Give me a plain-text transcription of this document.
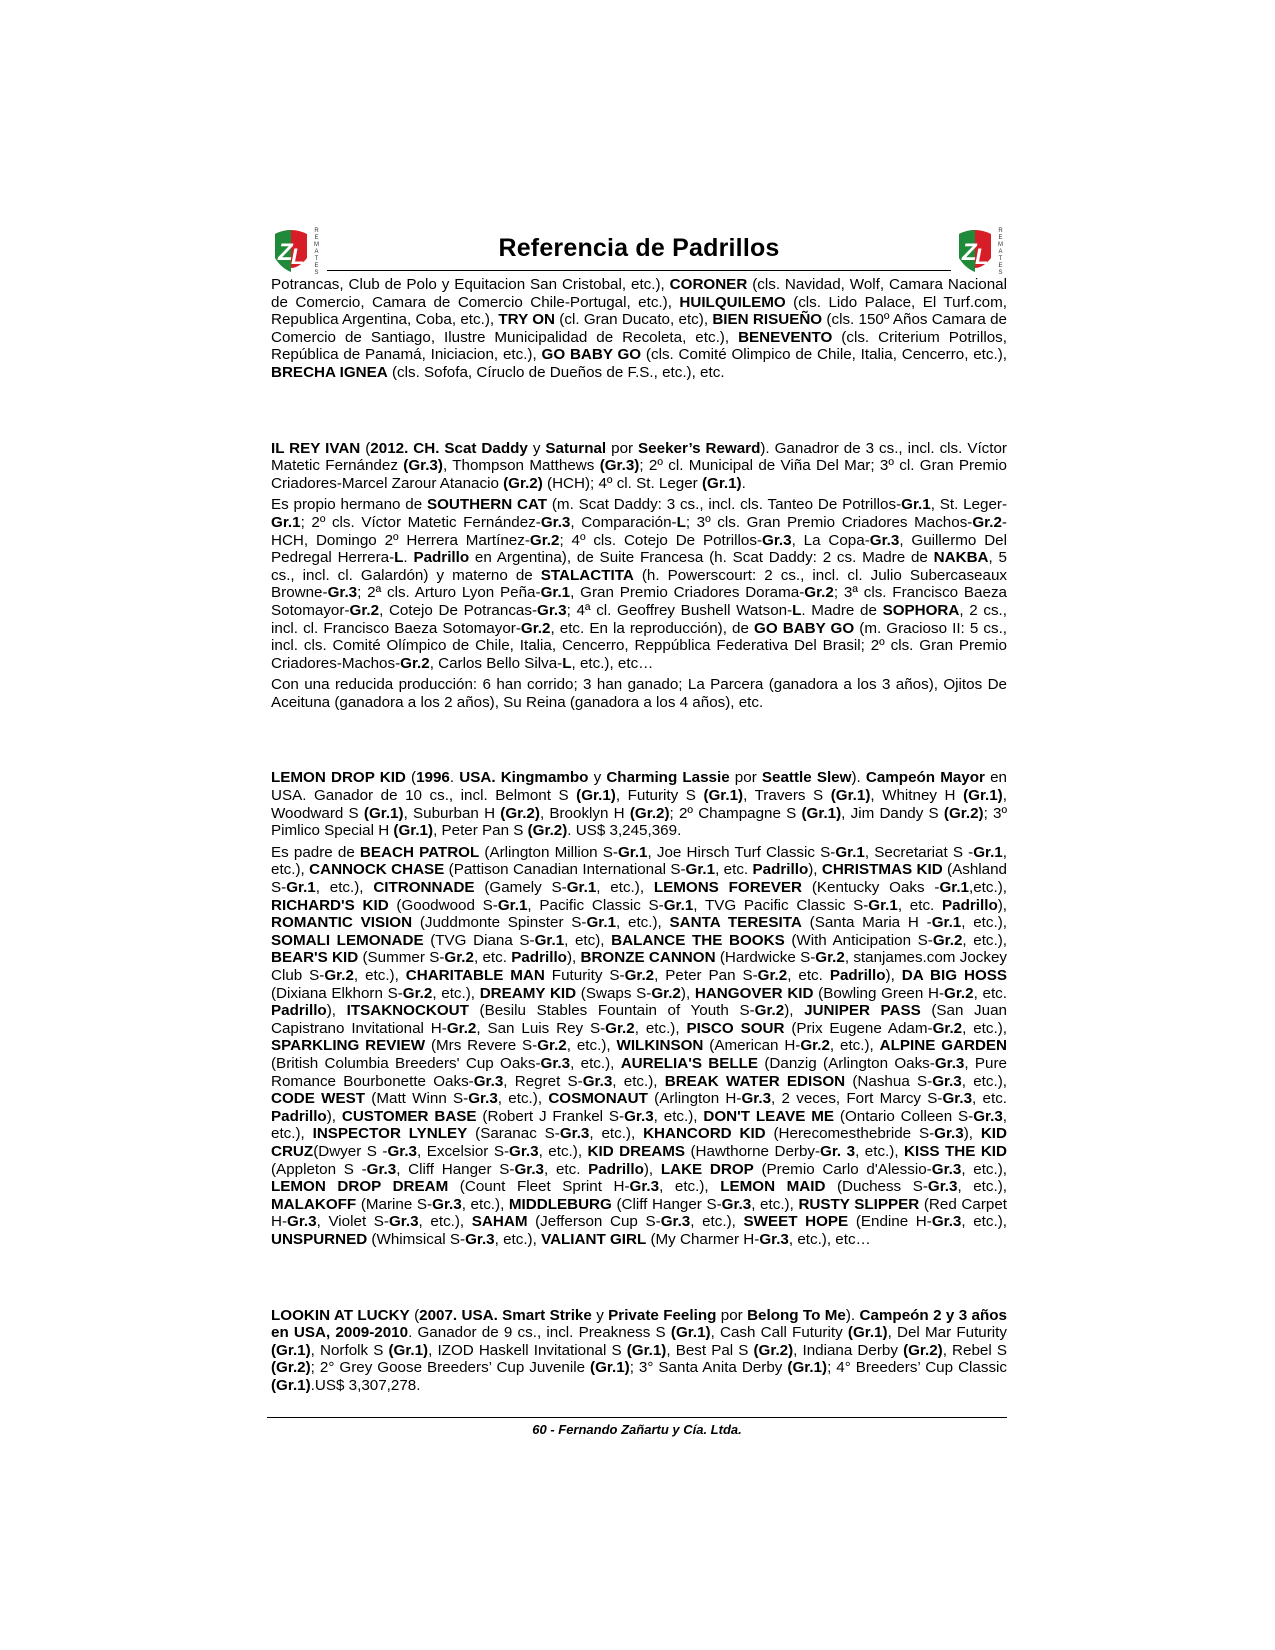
Z
L
R
E
M
A
T
E
S
Referencia de Padrillos	Z
L
R
E
M
A
T
E
S

Potrancas, Club de Polo y Equitacion San Cristobal, etc.), CORONER (cls. Navidad, Wolf, Camara Nacional de Comercio, Camara de Comercio Chile-Portugal, etc.), HUILQUILEMO (cls. Lido Palace, El Turf.com, Republica Argentina, Coba, etc.), TRY ON (cl. Gran Ducato, etc), BIEN RISUEÑO (cls. 150º Años Camara de Comercio de Santiago, Ilustre Municipalidad de Recoleta, etc.), BENEVENTO (cls. Criterium Potrillos, República de Panamá, Iniciacion, etc.), GO BABY GO (cls. Comité Olimpico de Chile, Italia, Cencerro, etc.), BRECHA IGNEA (cls. Sofofa, Círuclo de Dueños de F.S., etc.), etc.

IL REY IVAN (2012. CH. Scat Daddy y Saturnal por Seeker’s Reward). Ganadror de 3 cs., incl. cls. Víctor Matetic Fernández (Gr.3), Thompson Matthews (Gr.3); 2º cl. Municipal de Viña Del Mar; 3º cl. Gran Premio Criadores-Marcel Zarour Atanacio (Gr.2) (HCH); 4º cl. St. Leger (Gr.1).

Es propio hermano de SOUTHERN CAT (m. Scat Daddy: 3 cs., incl. cls. Tanteo De Potrillos-Gr.1, St. Leger-Gr.1; 2º cls. Víctor Matetic Fernández-Gr.3, Comparación-L; 3º cls. Gran Premio Criadores Machos-Gr.2-HCH, Domingo 2º Herrera Martínez-Gr.2; 4º cls. Cotejo De Potrillos-Gr.3, La Copa-Gr.3, Guillermo Del Pedregal Herrera-L. Padrillo en Argentina), de Suite Francesa (h. Scat Daddy: 2 cs. Madre de NAKBA, 5 cs., incl. cl. Galardón) y materno de STALACTITA (h. Powerscourt: 2 cs., incl. cl. Julio Subercaseaux Browne-Gr.3; 2ª cls. Arturo Lyon Peña-Gr.1, Gran Premio Criadores Dorama-Gr.2; 3ª cls. Francisco Baeza Sotomayor-Gr.2, Cotejo De Potrancas-Gr.3; 4ª cl. Geoffrey Bushell Watson-L. Madre de SOPHORA, 2 cs., incl. cl. Francisco Baeza Sotomayor-Gr.2, etc. En la reproducción), de GO BABY GO (m. Gracioso II: 5 cs., incl. cls. Comité Olímpico de Chile, Italia, Cencerro, Reppública Federativa Del Brasil; 2º cls. Gran Premio Criadores-Machos-Gr.2, Carlos Bello Silva-L, etc.), etc…

Con una reducida producción: 6 han corrido; 3 han ganado; La Parcera (ganadora a los 3 años), Ojitos De Aceituna (ganadora a los 2 años), Su Reina (ganadora a los 4 años), etc.

LEMON DROP KID (1996. USA. Kingmambo y Charming Lassie por Seattle Slew). Campeón Mayor en USA. Ganador de 10 cs., incl. Belmont S (Gr.1), Futurity S (Gr.1), Travers S (Gr.1), Whitney H (Gr.1), Woodward S (Gr.1), Suburban H (Gr.2), Brooklyn H (Gr.2); 2º Champagne S (Gr.1), Jim Dandy S (Gr.2); 3º Pimlico Special H (Gr.1), Peter Pan S (Gr.2). US$ 3,245,369.

Es padre de BEACH PATROL (Arlington Million S-Gr.1, Joe Hirsch Turf Classic S-Gr.1, Secretariat S -Gr.1, etc.), CANNOCK CHASE (Pattison Canadian International S-Gr.1, etc. Padrillo), CHRISTMAS KID (Ashland S-Gr.1, etc.), CITRONNADE (Gamely S-Gr.1, etc.), LEMONS FOREVER (Kentucky Oaks -Gr.1,etc.), RICHARD'S KID (Goodwood S-Gr.1, Pacific Classic S-Gr.1, TVG Pacific Classic S-Gr.1, etc. Padrillo), ROMANTIC VISION (Juddmonte Spinster S-Gr.1, etc.), SANTA TERESITA (Santa Maria H -Gr.1, etc.), SOMALI LEMONADE (TVG Diana S-Gr.1, etc), BALANCE THE BOOKS (With Anticipation S-Gr.2, etc.), BEAR'S KID (Summer S-Gr.2, etc. Padrillo), BRONZE CANNON (Hardwicke S-Gr.2, stanjames.com Jockey Club S-Gr.2, etc.), CHARITABLE MAN Futurity S-Gr.2, Peter Pan S-Gr.2, etc. Padrillo), DA BIG HOSS (Dixiana Elkhorn S-Gr.2, etc.), DREAMY KID (Swaps S-Gr.2), HANGOVER KID (Bowling Green H-Gr.2, etc. Padrillo), ITSAKNOCKOUT (Besilu Stables Fountain of Youth S-Gr.2), JUNIPER PASS (San Juan Capistrano Invitational H-Gr.2, San Luis Rey S-Gr.2, etc.), PISCO SOUR (Prix Eugene Adam-Gr.2, etc.), SPARKLING REVIEW (Mrs Revere S-Gr.2, etc.), WILKINSON (American H-Gr.2, etc.), ALPINE GARDEN (British Columbia Breeders' Cup Oaks-Gr.3, etc.), AURELIA'S BELLE (Danzig (Arlington Oaks-Gr.3, Pure Romance Bourbonette Oaks-Gr.3, Regret S-Gr.3, etc.), BREAK WATER EDISON (Nashua S-Gr.3, etc.), CODE WEST (Matt Winn S-Gr.3, etc.), COSMONAUT (Arlington H-Gr.3, 2 veces, Fort Marcy S-Gr.3, etc. Padrillo), CUSTOMER BASE (Robert J Frankel S-Gr.3, etc.), DON'T LEAVE ME (Ontario Colleen S-Gr.3, etc.), INSPECTOR LYNLEY (Saranac S-Gr.3, etc.), KHANCORD KID (Herecomesthebride S-Gr.3), KID CRUZ(Dwyer S -Gr.3, Excelsior S-Gr.3, etc.), KID DREAMS (Hawthorne Derby-Gr. 3, etc.), KISS THE KID (Appleton S -Gr.3, Cliff Hanger S-Gr.3, etc. Padrillo), LAKE DROP (Premio Carlo d'Alessio-Gr.3, etc.), LEMON DROP DREAM (Count Fleet Sprint H-Gr.3, etc.), LEMON MAID (Duchess S-Gr.3, etc.), MALAKOFF (Marine S-Gr.3, etc.), MIDDLEBURG (Cliff Hanger S-Gr.3, etc.), RUSTY SLIPPER (Red Carpet H-Gr.3, Violet S-Gr.3, etc.), SAHAM (Jefferson Cup S-Gr.3, etc.), SWEET HOPE (Endine H-Gr.3, etc.), UNSPURNED (Whimsical S-Gr.3, etc.), VALIANT GIRL (My Charmer H-Gr.3, etc.), etc…

LOOKIN AT LUCKY (2007. USA. Smart Strike y Private Feeling por Belong To Me). Campeón 2 y 3 años en USA, 2009-2010. Ganador de 9 cs., incl. Preakness S (Gr.1), Cash Call Futurity (Gr.1), Del Mar Futurity (Gr.1), Norfolk S (Gr.1), IZOD Haskell Invitational S (Gr.1), Best Pal S (Gr.2), Indiana Derby (Gr.2), Rebel S (Gr.2); 2° Grey Goose Breeders’ Cup Juvenile (Gr.1); 3° Santa Anita Derby (Gr.1); 4° Breeders’ Cup Classic (Gr.1).US$ 3,307,278.

60 - Fernando Zañartu y Cía. Ltda.
